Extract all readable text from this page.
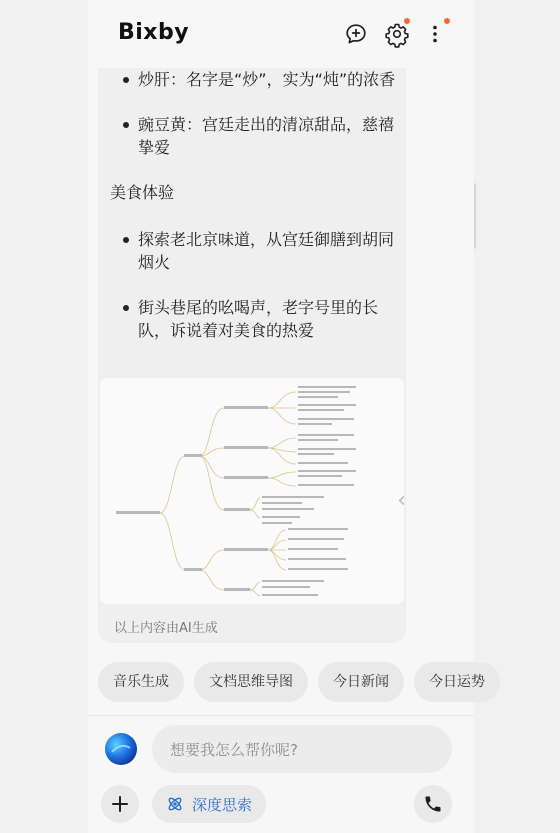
炒肝：名字是“炒”，实为“炖”的浓香
豌豆黄：宫廷走出的清凉甜品，慈禧挚爱
美食体验
探索老北京味道，从宫廷御膳到胡同烟火
街头巷尾的吆喝声，老字号里的长队，诉说着对美食的热爱
‹
以上内容由AI生成
Bixby
音乐生成	文档思维导图	今日新闻	今日运势
想要我怎么帮你呢?
深度思索
